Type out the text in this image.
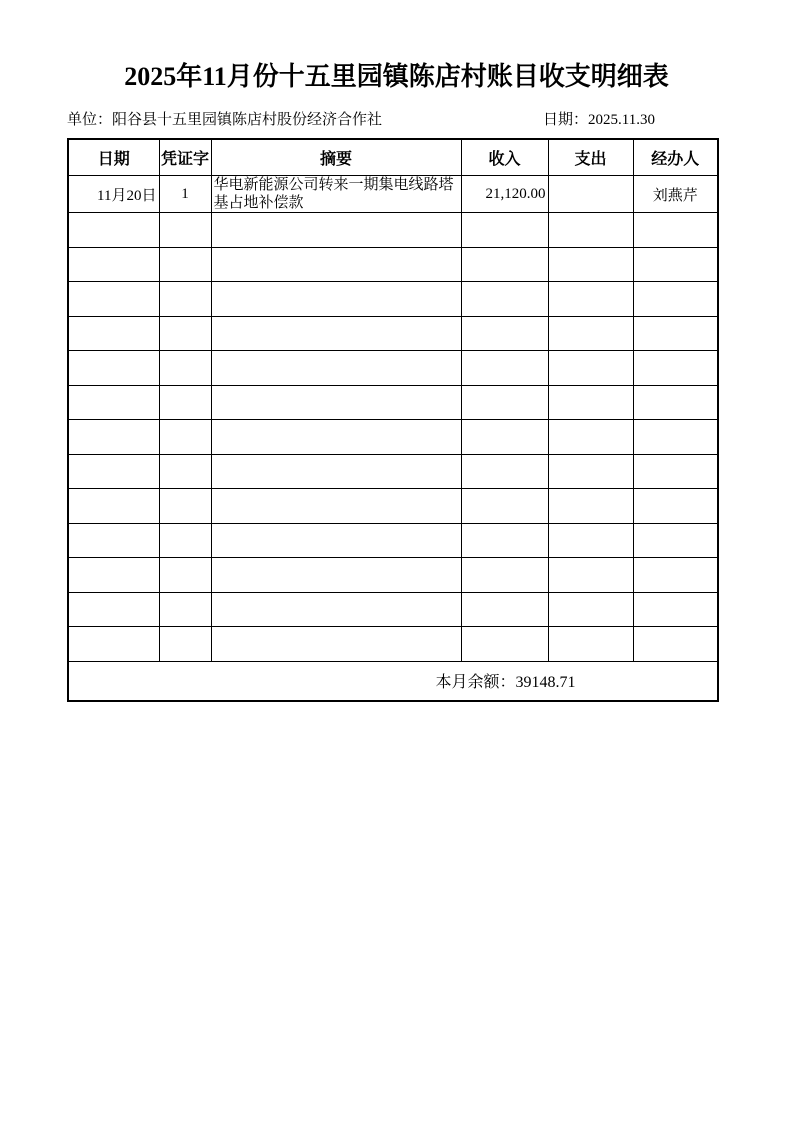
2025年11月份十五里园镇陈店村账目收支明细表
单位：阳谷县十五里园镇陈店村股份经济合作社	日期：2025.11.30
日期	凭证字	摘要	收入	支出	经办人
11月20日	1	华电新能源公司转来一期集电线路塔基占地补偿款	21,120.00		刘燕芹

本月余额：39148.71					
